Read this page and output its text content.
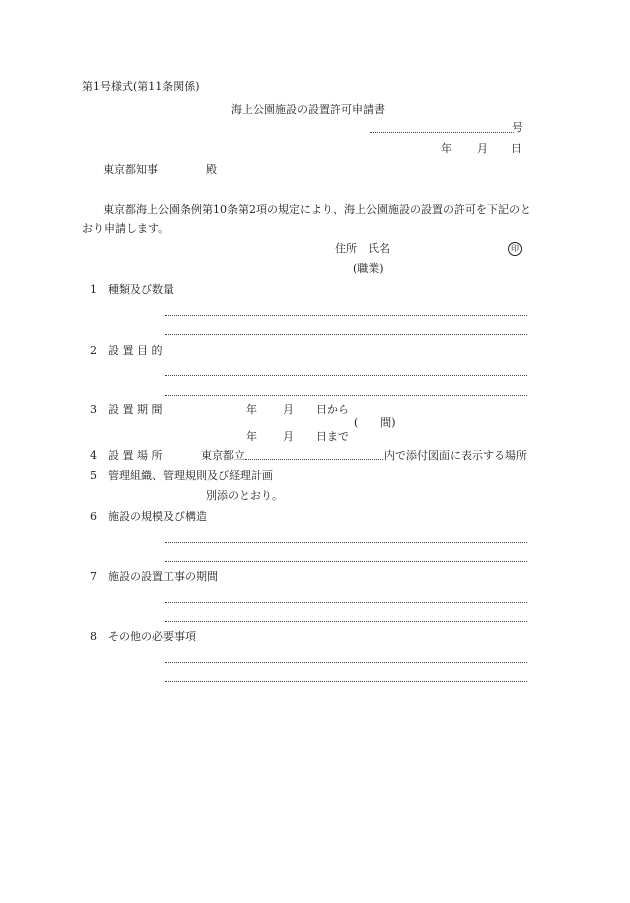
第1号様式(第11条関係)
海上公園施設の設置許可申請書
号
年 月 日
東京都知事	殿
東京都海上公園条例第10条第2項の規定により、海上公園施設の設置の許可を下記のと
おり申請します。
住所　氏名	印
(職業)
1 種類及び数量
2 設 置 目 的
3 設 置 期 間	年 月 日から
(　　間)
年 月 日まで
4 設 置 場 所	東京都立	内で添付図面に表示する場所
5 管理組織、管理規則及び経理計画
別添のとおり。
6 施設の規模及び構造
7 施設の設置工事の期間
8 その他の必要事項
